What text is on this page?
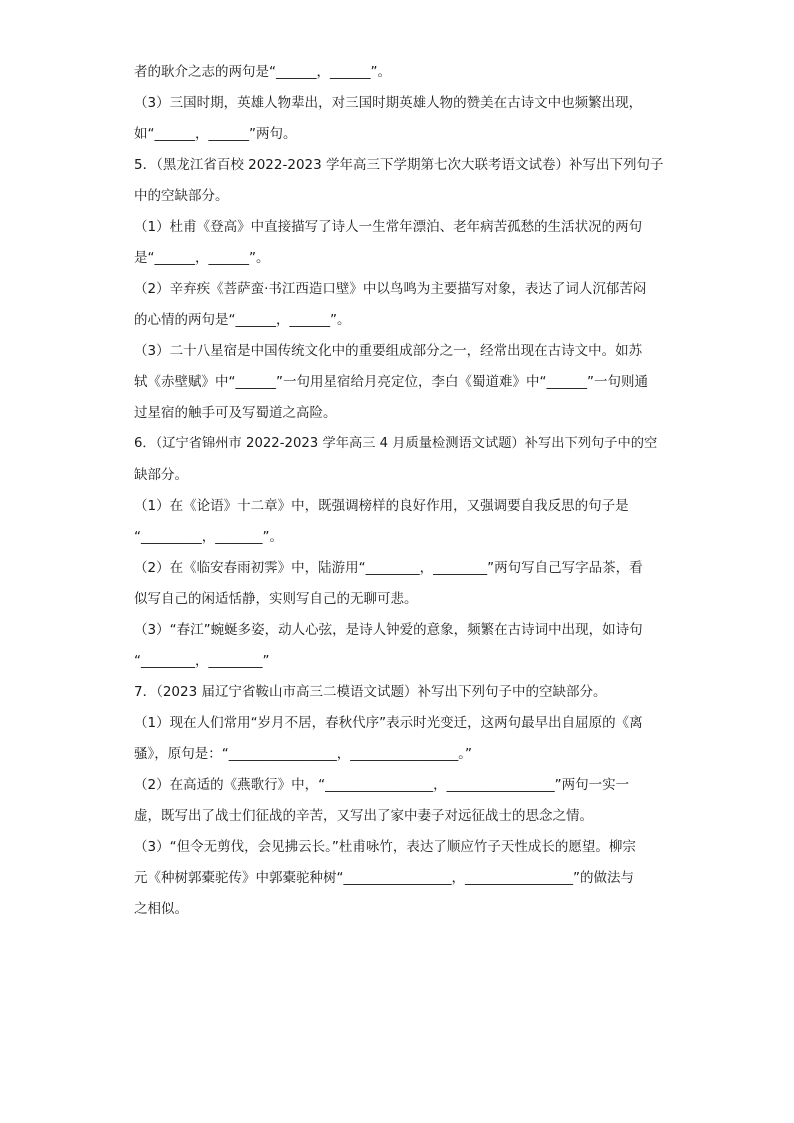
者的耿介之志的两句是“______，______”。
（3）三国时期，英雄人物辈出，对三国时期英雄人物的赞美在古诗文中也频繁出现，
如“______，______”两句。
5．（黑龙江省百校 2022-2023 学年高三下学期第七次大联考语文试卷）补写出下列句子
中的空缺部分。
（1）杜甫《登高》中直接描写了诗人一生常年漂泊、老年病苦孤愁的生活状况的两句
是“______，______”。
（2）辛弃疾《菩萨蛮·书江西造口壁》中以鸟鸣为主要描写对象，表达了词人沉郁苦闷
的心情的两句是“______，______”。
（3）二十八星宿是中国传统文化中的重要组成部分之一，经常出现在古诗文中。如苏
轼《赤壁赋》中“______”一句用星宿给月亮定位，李白《蜀道难》中“______”一句则通
过星宿的触手可及写蜀道之高险。
6．（辽宁省锦州市 2022-2023 学年高三 4 月质量检测语文试题）补写出下列句子中的空
缺部分。
（1）在《论语》十二章》中，既强调榜样的良好作用，又强调要自我反思的句子是
“_________，_______”。
（2）在《临安春雨初霁》中，陆游用“________，________”两句写自己写字品茶，看
似写自己的闲适恬静，实则写自己的无聊可悲。
（3）“春江”蜿蜒多姿，动人心弦，是诗人钟爱的意象，频繁在古诗词中出现，如诗句
“________，________”
7．（2023 届辽宁省鞍山市高三二模语文试题）补写出下列句子中的空缺部分。
（1）现在人们常用“岁月不居，春秋代序”表示时光变迁，这两句最早出自屈原的《离
骚》，原句是：“________________，________________。”
（2）在高适的《燕歌行》中，“________________，________________”两句一实一
虚，既写出了战士们征战的辛苦，又写出了家中妻子对远征战士的思念之情。
（3）“但令无剪伐，会见拂云长。”杜甫咏竹，表达了顺应竹子天性成长的愿望。柳宗
元《种树郭橐驼传》中郭橐驼种树“________________，________________”的做法与
之相似。
